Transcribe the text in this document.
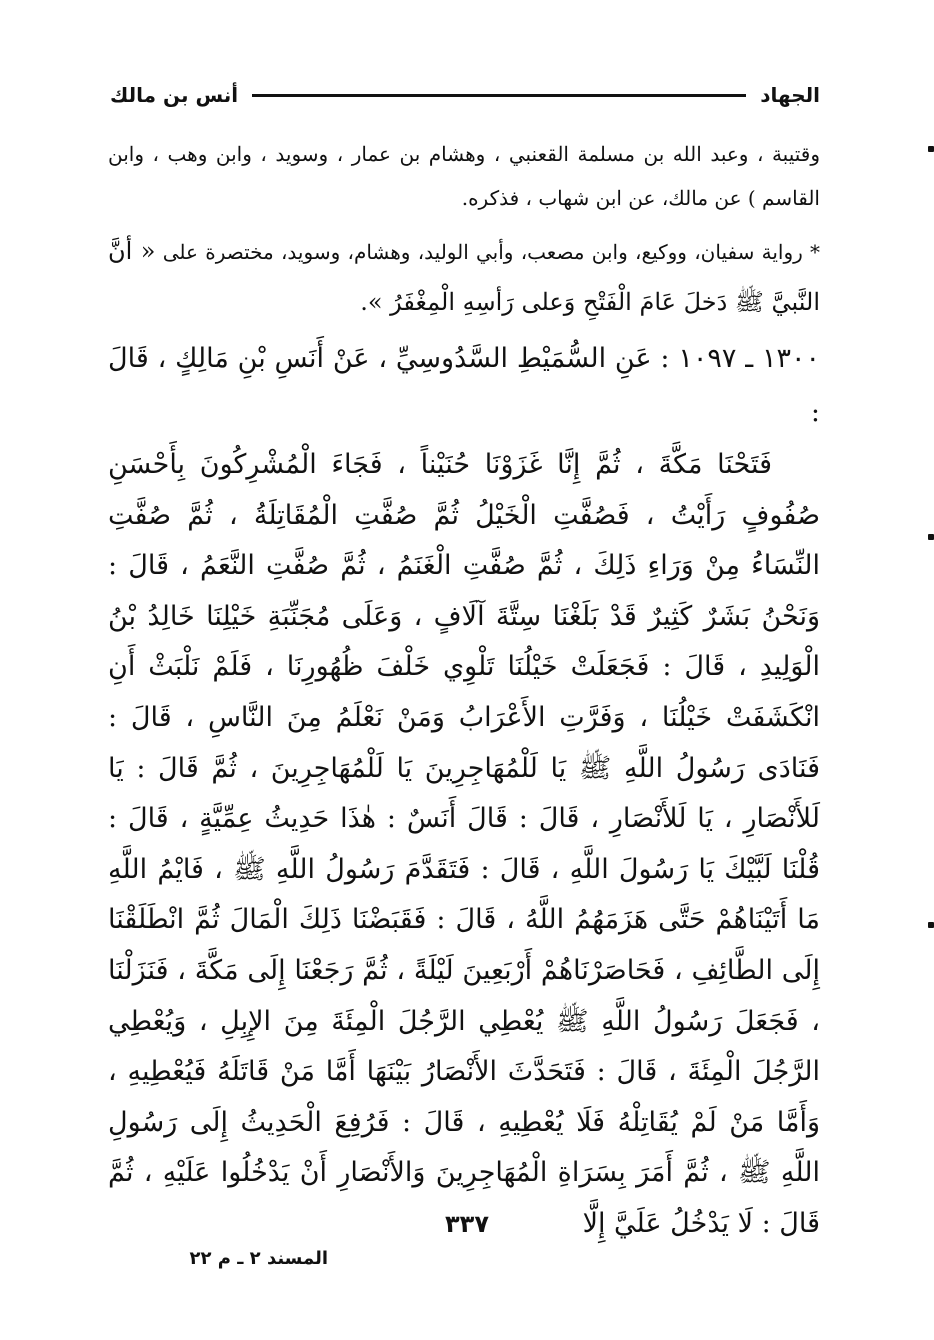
الجهاد
أنس بن مالك

وقتيبة ، وعبد الله بن مسلمة القعنبي ، وهشام بن عمار ، وسويد ، وابن وهب ، وابن القاسم ) عن مالك، عن ابن شهاب ، فذكره.

* رواية سفيان، ووكيع، وابن مصعب، وأبي الوليد، وهشام، وسويد، مختصرة على « أنَّ النَّبيَّ ﷺ دَخلَ عَامَ الْفَتْحِ وَعلى رَأسِهِ الْمِغْفَرُ ».

١٣٠٠ ـ ١٠٩٧ : عَنِ السُّمَيْطِ السَّدُوسِيِّ ، عَنْ أَنَسِ بْنِ مَالِكٍ ، قَالَ :

فَتَحْنَا مَكَّةَ ، ثُمَّ إِنَّا غَزَوْنَا حُنَيْناً ، فَجَاءَ الْمُشْرِكُونَ بِأَحْسَنِ صُفُوفٍ رَأَيْتُ ، فَصُفَّتِ الْخَيْلُ ثُمَّ صُفَّتِ الْمُقَاتِلَةُ ، ثُمَّ صُفَّتِ النِّسَاءُ مِنْ وَرَاءِ ذَلِكَ ، ثُمَّ صُفَّتِ الْغَنَمُ ، ثُمَّ صُفَّتِ النَّعَمُ ، قَالَ : وَنَحْنُ بَشَرٌ كَثِيرٌ قَدْ بَلَغْنَا سِتَّةَ آلَافٍ ، وَعَلَى مُجَنِّبَةِ خَيْلِنَا خَالِدُ بْنُ الْوَلِيدِ ، قَالَ : فَجَعَلَتْ خَيْلُنَا تَلْوِي خَلْفَ ظُهُورِنَا ، فَلَمْ نَلْبَثْ أَنِ انْكَشَفَتْ خَيْلُنَا ، وَفَرَّتِ الأَعْرَابُ وَمَنْ نَعْلَمُ مِنَ النَّاسِ ، قَالَ : فَنَادَى رَسُولُ اللَّهِ ﷺ يَا لَلْمُهَاجِرِينَ يَا لَلْمُهَاجِرِينَ ، ثُمَّ قَالَ : يَا لَلأَنْصَارِ ، يَا لَلأَنْصَارِ ، قَالَ : قَالَ أَنَسٌ : هٰذَا حَدِيثُ عِمِّيَّةٍ ، قَالَ : قُلْنَا لَبَّيْكَ يَا رَسُولَ اللَّهِ ، قَالَ : فَتَقَدَّمَ رَسُولُ اللَّهِ ﷺ ، فَايْمُ اللَّهِ مَا أَتَيْنَاهُمْ حَتَّى هَزَمَهُمُ اللَّهُ ، قَالَ : فَقَبَضْنَا ذَلِكَ الْمَالَ ثُمَّ انْطَلَقْنَا إِلَى الطَّائِفِ ، فَحَاصَرْنَاهُمْ أَرْبَعِينَ لَيْلَةً ، ثُمَّ رَجَعْنَا إِلَى مَكَّةَ ، فَنَزَلْنَا ، فَجَعَلَ رَسُولُ اللَّهِ ﷺ يُعْطِي الرَّجُلَ الْمِئَةَ مِنَ الإِبِلِ ، وَيُعْطِي الرَّجُلَ الْمِئَةَ ، قَالَ : فَتَحَدَّثَ الأَنْصَارُ بَيْنَهَا أَمَّا مَنْ قَاتَلَهُ فَيُعْطِيهِ ، وَأَمَّا مَنْ لَمْ يُقَاتِلْهُ فَلَا يُعْطِيهِ ، قَالَ : فَرُفِعَ الْحَدِيثُ إِلَى رَسُولِ اللَّهِ ﷺ ، ثُمَّ أَمَرَ بِسَرَاةِ الْمُهَاجِرِينَ وَالأَنْصَارِ أَنْ يَدْخُلُوا عَلَيْهِ ، ثُمَّ قَالَ : لَا يَدْخُلُ عَلَيَّ إِلَّا

٣٣٧
المسند ٢ ـ م ٢٢
